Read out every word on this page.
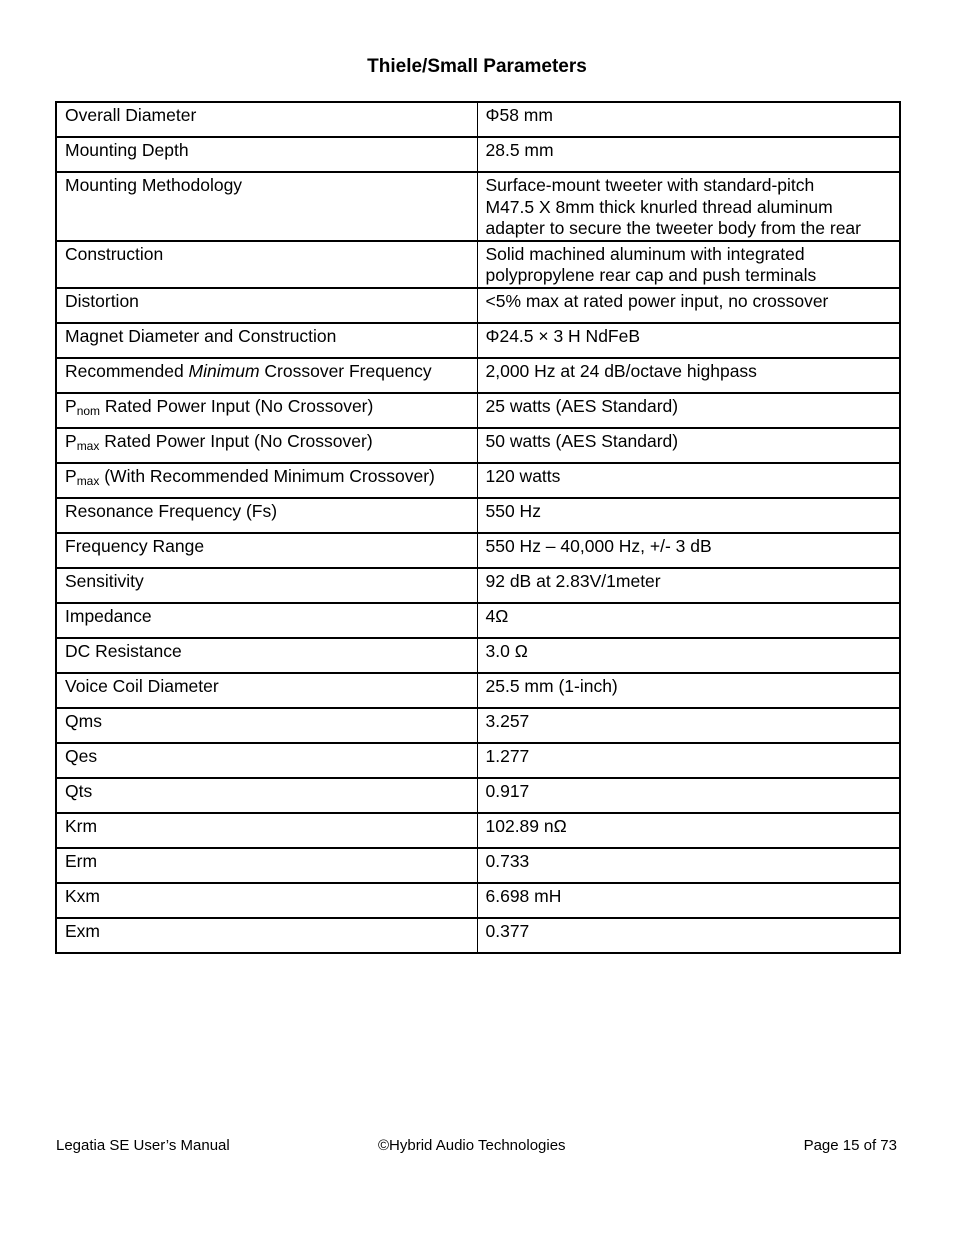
Thiele/Small Parameters
Overall Diameter	Φ58 mm
Mounting Depth	28.5 mm
Mounting Methodology	Surface-mount tweeter with standard-pitch
M47.5 X 8mm thick knurled thread aluminum
adapter to secure the tweeter body from the rear

Construction	Solid machined aluminum with integrated
polypropylene rear cap and push terminals

Distortion	<5% max at rated power input, no crossover
Magnet Diameter and Construction	Φ24.5 × 3 H NdFeB
Recommended Minimum Crossover Frequency	2,000 Hz at 24 dB/octave highpass
$P_{nom}$ Rated Power Input (No Crossover)	25 watts (AES Standard)
$P_{max}$ Rated Power Input (No Crossover)	50 watts (AES Standard)
$P_{max}$ (With Recommended Minimum Crossover)	120 watts
Resonance Frequency (Fs)	550 Hz
Frequency Range	550 Hz – 40,000 Hz, +/- 3 dB
Sensitivity	92 dB at 2.83V/1meter
Impedance	4Ω
DC Resistance	3.0 Ω
Voice Coil Diameter	25.5 mm (1-inch)
Qms	3.257
Qes	1.277
Qts	0.917
Krm	102.89 nΩ
Erm	0.733
Kxm	6.698 mH
Exm	0.377
Legatia SE User’s Manual	©Hybrid Audio Technologies	Page 15 of 73
